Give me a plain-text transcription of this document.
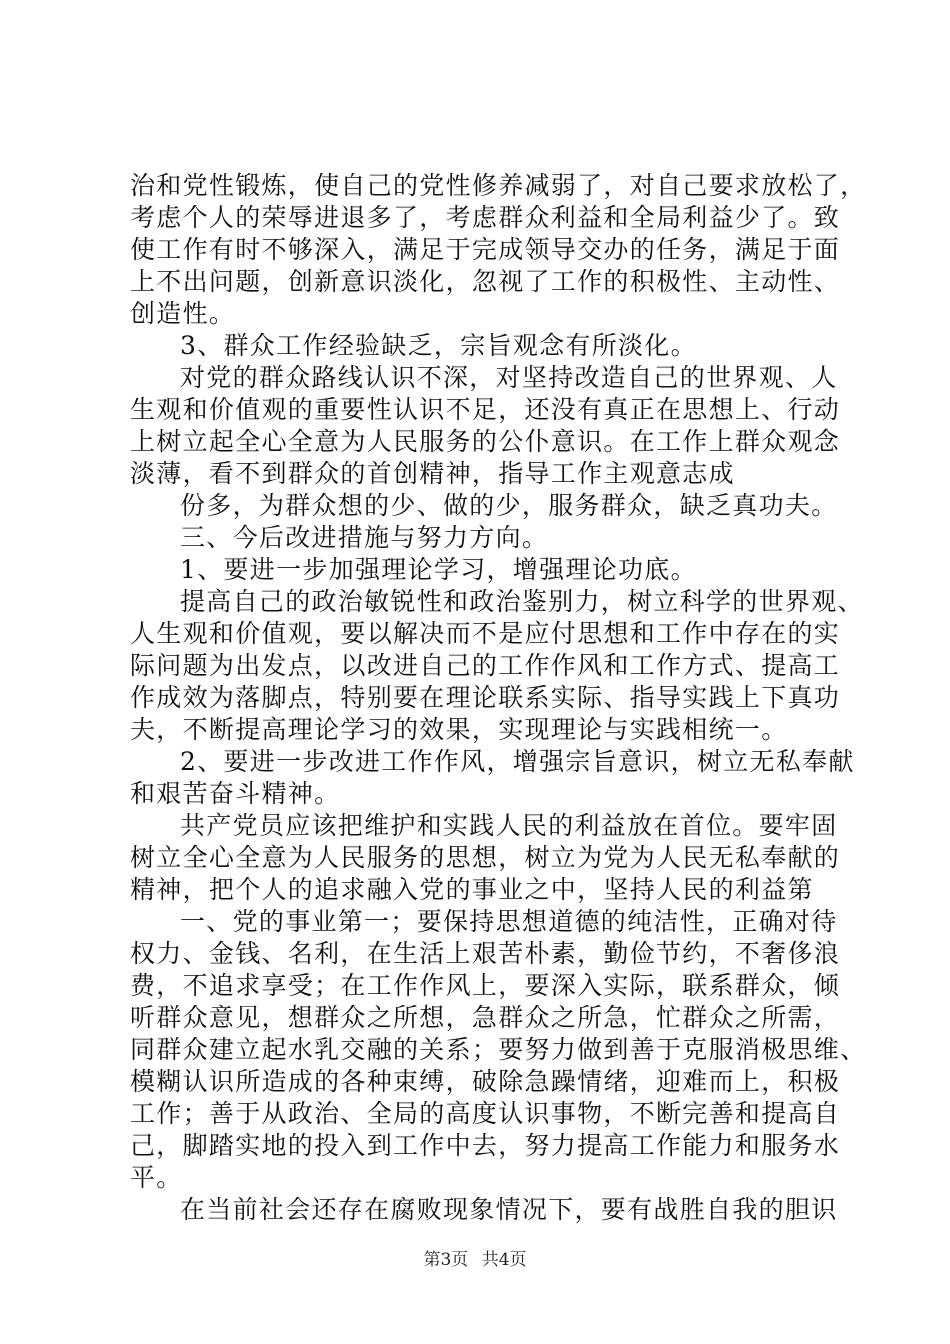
治和党性锻炼，使自己的党性修养减弱了，对自己要求放松了，
考虑个人的荣辱进退多了，考虑群众利益和全局利益少了。致
使工作有时不够深入，满足于完成领导交办的任务，满足于面
上不出问题，创新意识淡化，忽视了工作的积极性、主动性、
创造性。
3、群众工作经验缺乏，宗旨观念有所淡化。
对党的群众路线认识不深，对坚持改造自己的世界观、人
生观和价值观的重要性认识不足，还没有真正在思想上、行动
上树立起全心全意为人民服务的公仆意识。在工作上群众观念
淡薄，看不到群众的首创精神，指导工作主观意志成
份多，为群众想的少、做的少，服务群众，缺乏真功夫。
三、今后改进措施与努力方向。
1、要进一步加强理论学习，增强理论功底。
提高自己的政治敏锐性和政治鉴别力，树立科学的世界观、
人生观和价值观，要以解决而不是应付思想和工作中存在的实
际问题为出发点，以改进自己的工作作风和工作方式、提高工
作成效为落脚点，特别要在理论联系实际、指导实践上下真功
夫，不断提高理论学习的效果，实现理论与实践相统一。
2、要进一步改进工作作风，增强宗旨意识，树立无私奉献
和艰苦奋斗精神。
共产党员应该把维护和实践人民的利益放在首位。要牢固
树立全心全意为人民服务的思想，树立为党为人民无私奉献的
精神，把个人的追求融入党的事业之中，坚持人民的利益第
一、党的事业第一；要保持思想道德的纯洁性，正确对待
权力、金钱、名利，在生活上艰苦朴素，勤俭节约，不奢侈浪
费，不追求享受；在工作作风上，要深入实际，联系群众，倾
听群众意见，想群众之所想，急群众之所急，忙群众之所需，
同群众建立起水乳交融的关系；要努力做到善于克服消极思维、
模糊认识所造成的各种束缚，破除急躁情绪，迎难而上，积极
工作；善于从政治、全局的高度认识事物，不断完善和提高自
己，脚踏实地的投入到工作中去，努力提高工作能力和服务水
平。
在当前社会还存在腐败现象情况下，要有战胜自我的胆识
第3页 共4页
